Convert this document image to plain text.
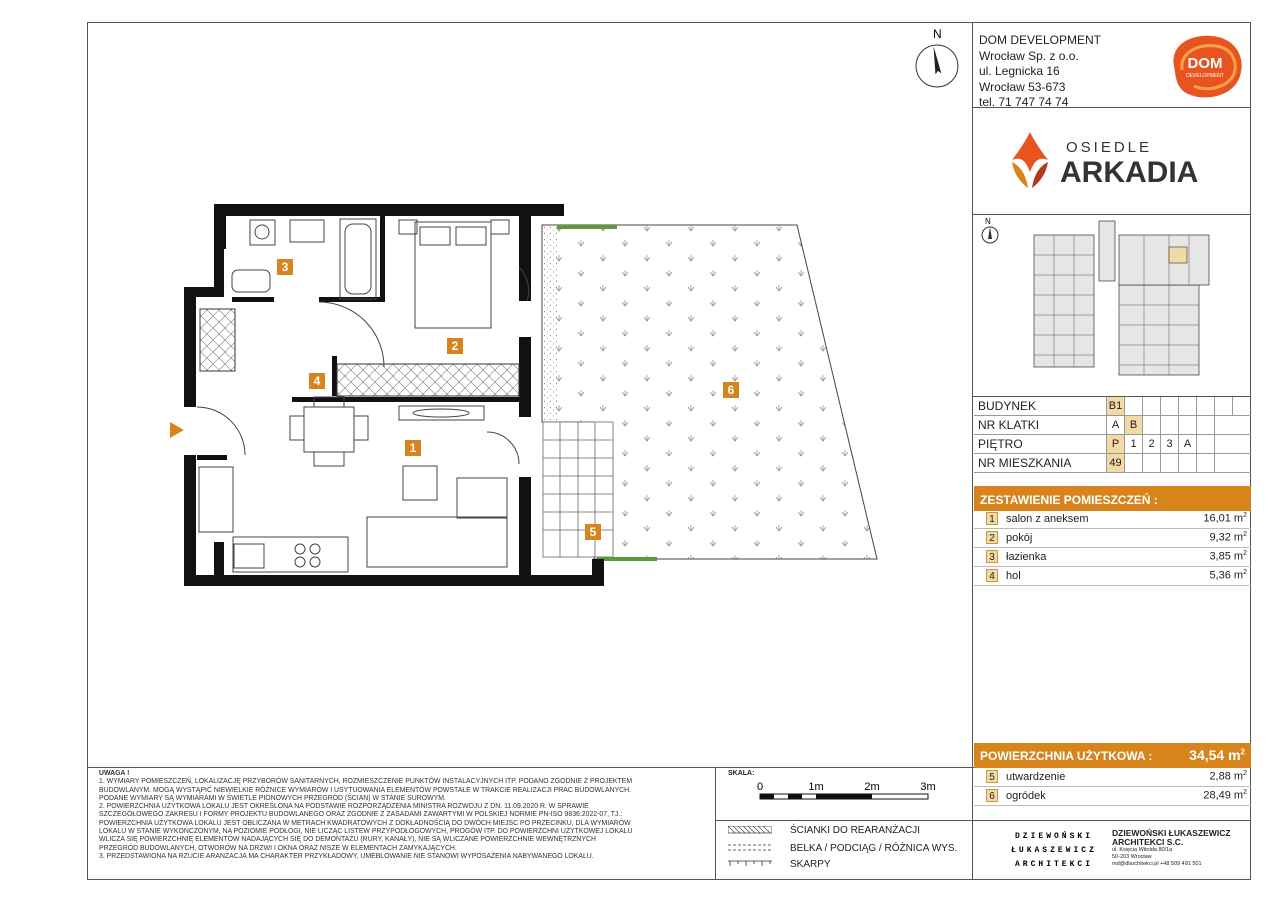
N
1
2
3
4
5
6
DOM DEVELOPMENT
Wrocław Sp. z o.o.
ul. Legnicka 16
Wrocław 53-673
tel. 71 747 74 74
DOM
DEVELOPMENT
OSIEDLE
ARKADIA
N
BUDYNEK	B1
NR KLATKI	A B
PIĘTRO	P	1	2	3	A
NR MIESZKANIA	49
ZESTAWIENIE POMIESZCZEŃ :
1 salon z aneksem	16,01 $m^2$
2 pokój	9,32 $m^2$
3 łazienka	3,85 $m^2$
4 hol	5,36 $m^2$
POWIERZCHNIA UŻYTKOWA :	34,54 $m^2$
5 utwardzenie	2,88 $m^2$
6 ogródek	28,49 $m^2$
UWAGA !
1. WYMIARY POMIESZCZEŃ, LOKALIZACJĘ PRZYBORÓW SANITARNYCH, ROZMIESZCZENIE PUNKTÓW INSTALACYJNYCH ITP. PODANO ZGODNIE Z PROJEKTEM
BUDOWLANYM. MOGĄ WYSTĄPIĆ NIEWIELKIE RÓŻNICE WYMIARÓW I USYTUOWANIA ELEMENTÓW POWSTAŁE W TRAKCIE REALIZACJI PRAC BUDOWLANYCH.
PODANE WYMIARY SĄ WYMIARAMI W ŚWIETLE PIONOWYCH PRZEGRÓD (ŚCIAN) W STANIE SUROWYM.
2. POWIERZCHNIA UŻYTKOWA LOKALU JEST OKREŚLONA NA PODSTAWIE ROZPORZĄDZENIA MINISTRA ROZWOJU Z DN. 11.09.2020 R. W SPRAWIE
SZCZEGÓŁOWEGO ZAKRESU I FORMY PROJEKTU BUDOWLANEGO ORAZ ZGODNIE Z ZASADAMI ZAWARTYMI W POLSKIEJ NORMIE PN-ISO 9836:2022-07, TJ.:
POWIERZCHNIA UŻYTKOWA LOKALU JEST OBLICZANA W METRACH KWADRATOWYCH Z DOKŁADNOŚCIĄ DO DWÓCH MIEJSC PO PRZECINKU, DLA WYMIARÓW
LOKALU W STANIE WYKOŃCZONYM, NA POZIOMIE PODŁOGI, NIE LICZĄC LISTEW PRZYPODŁOGOWYCH, PROGÓW ITP. DO POWIERZCHNI UŻYTKOWEJ LOKALU
WLICZA SIĘ POWIERZCHNIĘ ELEMENTÓW NADAJĄCYCH SIĘ DO DEMONTAŻU (RURY, KANAŁY), NIE SĄ WLICZANE POWIERZCHNIE WEWNĘTRZNYCH
PRZEGRÓD BUDOWLANYCH, OTWORÓW NA DRZWI I OKNA ORAZ NISZE W ELEMENTACH ZAMYKAJĄCYCH.
3. PRZEDSTAWIONA NA RZUCIE ARANŻACJA MA CHARAKTER PRZYKŁADOWY, UMEBLOWANIE NIE STANOWI WYPOSAŻENIA NABYWANEGO LOKALU.
SKALA:
0	1m	2m	3m
ŚCIANKI DO REARANŻACJI
BELKA / PODCIĄG / RÓŻNICA WYS.
SKARPY
DZIEWOŃSKI
ŁUKASZEWICZ
ARCHITEKCI
DZIEWOŃSKI ŁUKASZEWICZ
ARCHITEKCI S.C.
ul. Księcia Witolda 80/1a
50-203 Wrocław
md@dlarchitekci.pl +48 509 491 501
